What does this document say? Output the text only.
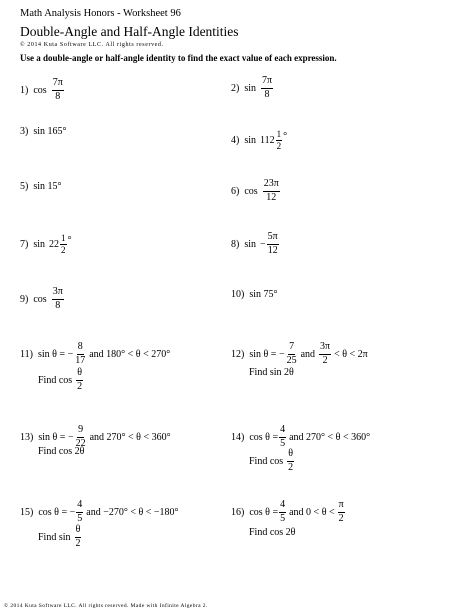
Math Analysis Honors - Worksheet 96
Double-Angle and Half-Angle Identities
© 2014 Kuta Software LLC. All rights reserved.
Use a double-angle or half-angle identity to find the exact value of each expression.
1) $\cos \frac{7\pi}{8}$	2) $\sin \frac{7\pi}{8}$
3) sin 165°
4) $\sin 112 \frac{1}{2}$ °
5) sin 15°	6) $\cos \frac{23\pi}{12}$
7) $\sin 22 \frac{1}{2}$ °	8) $\sin - \frac{5\pi}{12}$
9) $\cos \frac{3\pi}{8}$	10) sin 75°
11) sin θ = − $\frac{8}{17}$ and 180° < θ < 270°
Find $\cos \frac{\theta}{2}$
12) sin θ = − $\frac{7}{25}$ and $\frac{3\pi}{2} < \theta < 2\pi$
Find sin 2θ
13) sin θ = − $\frac{9}{22}$ and 270° < θ < 360°
Find cos 2θ
14) $\cos \theta = \frac{4}{5}$ and 270° < θ < 360°
Find $\cos \frac{\theta}{2}$
15) cos θ = − $\frac{4}{5}$ and −270° < θ < −180°
Find $\sin \frac{\theta}{2}$
16) $\cos \theta = \frac{4}{5}$ and $0 < \theta < \frac{\pi}{2}$
Find cos 2θ
© 2014 Kuta Software LLC. All rights reserved. Made with Infinite Algebra 2.
